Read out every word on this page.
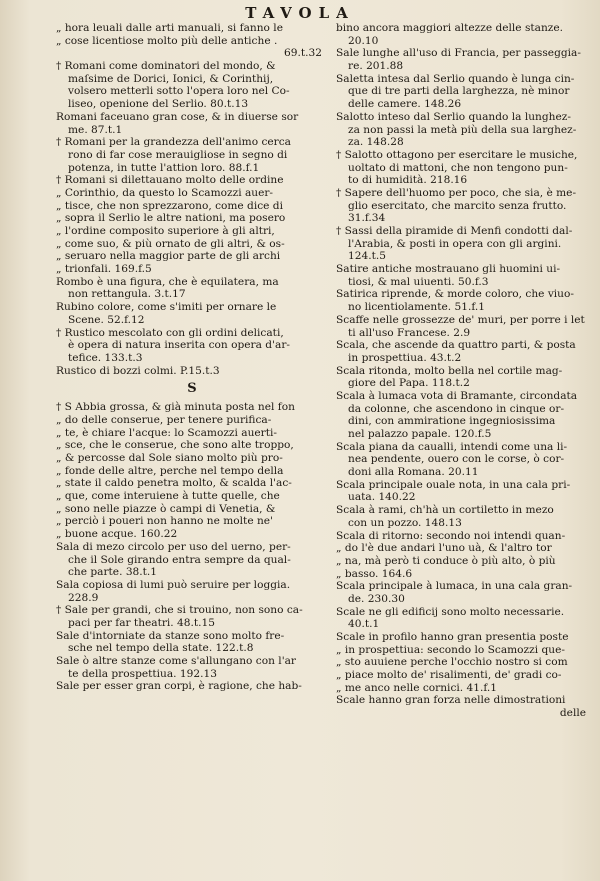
TAVOLA
„ hora leuali dalle arti manuali, si fanno le
„ cose licentiose molto più delle antiche .
69.t.32
† Romani come dominatori del mondo, &
maſsime de Dorici, Ionici, & Corinthij,
volsero metterli sotto l'opera loro nel Co-
liseo, openione del Serlio. 80.t.13
Romani faceuano gran cose, & in diuerse sor
me. 87.t.1
† Romani per la grandezza dell'animo cerca
rono di far cose merauigliose in segno di
potenza, in tutte l'attion loro. 88.f.1
† Romani si dilettauano molto delle ordine
„ Corinthio, da questo lo Scamozzi auer-
„ tisce, che non sprezzarono, come dice di
„ sopra il Serlio le altre nationi, ma posero
„ l'ordine composito superiore à gli altri,
„ come suo, & più ornato de gli altri, & os-
„ seruaro nella maggior parte de gli archi
„ trionfali. 169.f.5
Rombo è una figura, che è equilatera, ma
non rettangula. 3.t.17
Rubino colore, come s'imiti per ornare le
Scene. 52.f.12
† Rustico mescolato con gli ordini delicati,
è opera di natura inserita con opera d'ar-
tefice. 133.t.3
Rustico di bozzi colmi. P.15.t.3
S
† S Abbia grossa, & già minuta posta nel fon
„ do delle conserue, per tenere purifica-
„ te, è chiare l'acque: lo Scamozzi auerti-
„ sce, che le conserue, che sono alte troppo,
„ & percosse dal Sole siano molto più pro-
„ fonde delle altre, perche nel tempo della
„ state il caldo penetra molto, & scalda l'ac-
„ que, come interuiene à tutte quelle, che
„ sono nelle piazze ò campi di Venetia, &
„ perciò i poueri non hanno ne molte ne'
„ buone acque. 160.22
Sala di mezo circolo per uso del uerno, per-
che il Sole girando entra sempre da qual-
che parte. 38.t.1
Sala copiosa di lumi può seruire per loggia.
228.9
† Sale per grandi, che si trouino, non sono ca-
paci per far theatri. 48.t.15
Sale d'intorniate da stanze sono molto fre-
sche nel tempo della state. 122.t.8
Sale ò altre stanze come s'allungano con l'ar
te della prospettiua. 192.13
Sale per esser gran corpi, è ragione, che hab-
bino ancora maggiori altezze delle stanze.
20.10
Sale lunghe all'uso di Francia, per passeggia-
re. 201.88
Saletta intesa dal Serlio quando è lunga cin-
que di tre parti della larghezza, nè minor
delle camere. 148.26
Salotto inteso dal Serlio quando la lunghez-
za non passi la metà più della sua larghez-
za. 148.28
† Salotto ottagono per esercitare le musiche,
uoltato di mattoni, che non tengono pun-
to di humidità. 218.16
† Sapere dell'huomo per poco, che sia, è me-
glio esercitato, che marcito senza frutto.
31.f.34
† Sassi della piramide di Menfi condotti dal-
l'Arabia, & posti in opera con gli argini.
124.t.5
Satire antiche mostrauano gli huomini ui-
tiosi, & mal uiuenti. 50.f.3
Satirica riprende, & morde coloro, che viuo-
no licentiolamente. 51.f.1
Scaffe nelle grossezze de' muri, per porre i let
ti all'uso Francese. 2.9
Scala, che ascende da quattro parti, & posta
in prospettiua. 43.t.2
Scala ritonda, molto bella nel cortile mag-
giore del Papa. 118.t.2
Scala à lumaca vota di Bramante, circondata
da colonne, che ascendono in cinque or-
dini, con ammiratione ingegniosissima
nel palazzo papale. 120.f.5
Scala piana da caualli, intendi come una li-
nea pendente, ouero con le corse, ò cor-
doni alla Romana. 20.11
Scala principale ouale nota, in una cala pri-
uata. 140.22
Scala à rami, ch'hà un cortiletto in mezo
con un pozzo. 148.13
Scala di ritorno: secondo noi intendi quan-
„ do l'è due andari l'uno uà, & l'altro tor
„ na, mà però ti conduce ò più alto, ò più
„ basso. 164.6
Scala principale à lumaca, in una cala gran-
de. 230.30
Scale ne gli edificij sono molto necessarie.
40.t.1
Scale in profilo hanno gran presentia poste
„ in prospettiua: secondo lo Scamozzi que-
„ sto auuiene perche l'occhio nostro si com
„ piace molto de' risalimenti, de' gradi co-
„ me anco nelle cornici. 41.f.1
Scale hanno gran forza nelle dimostrationi
delle
